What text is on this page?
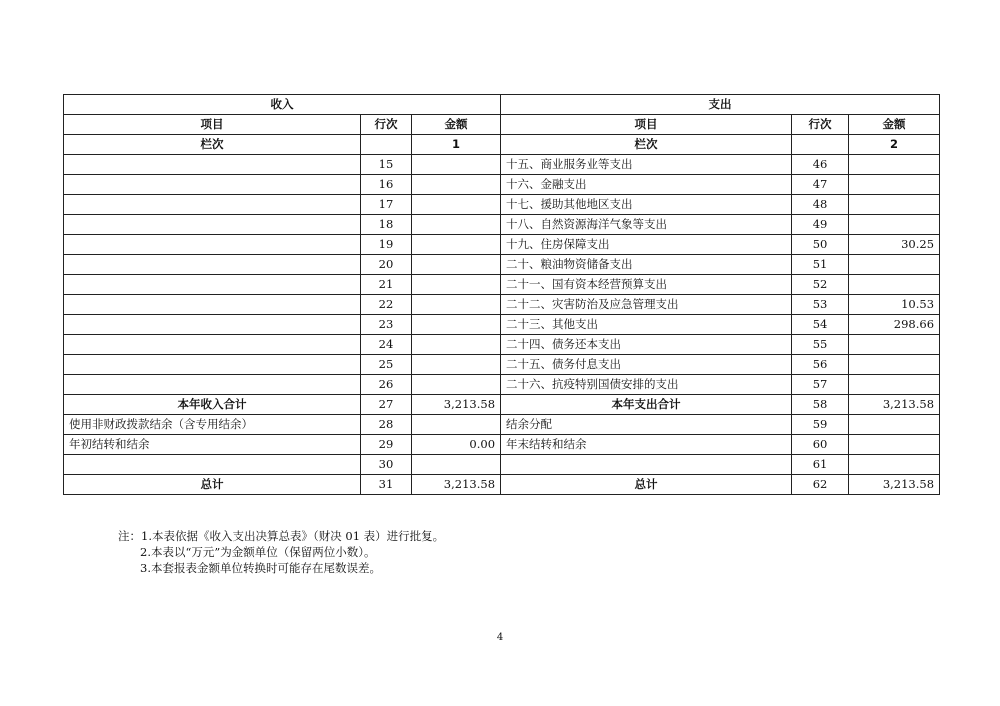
收入			支出		
项目	行次	金额	项目	行次	金额
栏次		1	栏次		2
	15		十五、商业服务业等支出	46	
	16		十六、金融支出	47	
	17		十七、援助其他地区支出	48	
	18		十八、自然资源海洋气象等支出	49	
	19		十九、住房保障支出	50	30.25
	20		二十、粮油物资储备支出	51	
	21		二十一、国有资本经营预算支出	52	
	22		二十二、灾害防治及应急管理支出	53	10.53
	23		二十三、其他支出	54	298.66
	24		二十四、债务还本支出	55	
	25		二十五、债务付息支出	56	
	26		二十六、抗疫特别国债安排的支出	57	
本年收入合计	27	3,213.58	本年支出合计	58	3,213.58
使用非财政拨款结余（含专用结余）	28		结余分配	59	
年初结转和结余	29	0.00	年末结转和结余	60	
	30			61	
总计	31	3,213.58	总计	62	3,213.58
注：1.本表依据《收入支出决算总表》（财决 01 表）进行批复。
2.本表以“万元”为金额单位（保留两位小数）。
3.本套报表金额单位转换时可能存在尾数误差。
4
